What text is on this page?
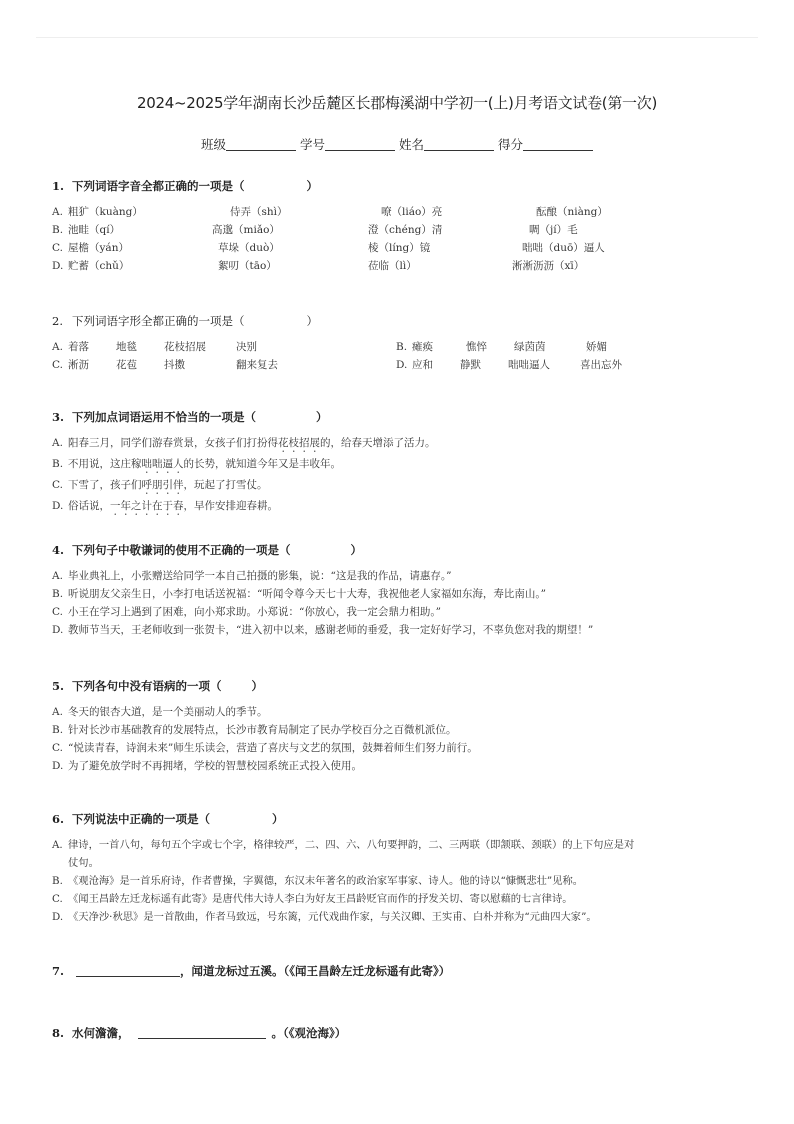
2024~2025学年湖南长沙岳麓区长郡梅溪湖中学初一(上)月考语文试卷(第一次)
班级	学号	姓名	得分
1. 下列词语字音全都正确的一项是（	）
A. 粗犷（kuàng）	侍弄（shì）	嘹（liáo）亮	酝酿（niàng）
B. 池畦（qí）	高邈（miǎo）	澄（chéng）清	啁（jí）毛
C. 屋檐（yán）	草垛（duò）	棱（líng）镜	咄咄（duō）逼人
D. 贮蓄（chǔ）	絮叨（tāo）	莅临（lì）	淅淅沥沥（xī）
2. 下列词语字形全都正确的一项是（	）
A. 着落	地毯	花枝招展	决别	B. 瘫痪	憔悴	绿茵茵	娇媚
C. 淅沥	花苞	抖擞	翻来复去	D. 应和	静默	咄咄逼人	喜出忘外
3. 下列加点词语运用不恰当的一项是（	）
A. 阳春三月，同学们游春赏景，女孩子们打扮得花枝招展的，给春天增添了活力。
B. 不用说，这庄稼咄咄逼人的长势，就知道今年又是丰收年。
C. 下雪了，孩子们呼朋引伴，玩起了打雪仗。
D. 俗话说，一年之计在于春，早作安排迎春耕。
4. 下列句子中敬谦词的使用不正确的一项是（	）
A. 毕业典礼上，小张赠送给同学一本自己拍摄的影集，说：“这是我的作品，请惠存。”
B. 听说朋友父亲生日，小李打电话送祝福：“听闻令尊今天七十大寿，我祝他老人家福如东海，寿比南山。”
C. 小王在学习上遇到了困难，向小郑求助。小郑说：“你放心，我一定会鼎力相助。”
D. 教师节当天，王老师收到一张贺卡，“进入初中以来，感谢老师的垂爱，我一定好好学习，不辜负您对我的期望！”
5. 下列各句中没有语病的一项（	）
A. 冬天的银杏大道，是一个美丽动人的季节。
B. 针对长沙市基础教育的发展特点，长沙市教育局制定了民办学校百分之百微机派位。
C. “悦读青春，诗润未来”师生乐读会，营造了喜庆与文艺的氛围，鼓舞着师生们努力前行。
D. 为了避免放学时不再拥堵，学校的智慧校园系统正式投入使用。
6. 下列说法中正确的一项是（	）
A. 律诗，一首八句，每句五个字或七个字，格律较严，二、四、六、八句要押韵，二、三两联（即颔联、颈联）的上下句应是对
仗句。
B. 《观沧海》是一首乐府诗，作者曹操，字翼德，东汉末年著名的政治家军事家、诗人。他的诗以“慷慨悲壮”见称。
C. 《闻王昌龄左迁龙标遥有此寄》是唐代伟大诗人李白为好友王昌龄贬官而作的抒发关切、寄以慰藉的七言律诗。
D. 《天净沙·秋思》是一首散曲，作者马致远，号东篱，元代戏曲作家，与关汉卿、王实甫、白朴并称为“元曲四大家”。
7.	，闻道龙标过五溪。（《闻王昌龄左迁龙标遥有此寄》）
8. 水何澹澹，	。（《观沧海》）
